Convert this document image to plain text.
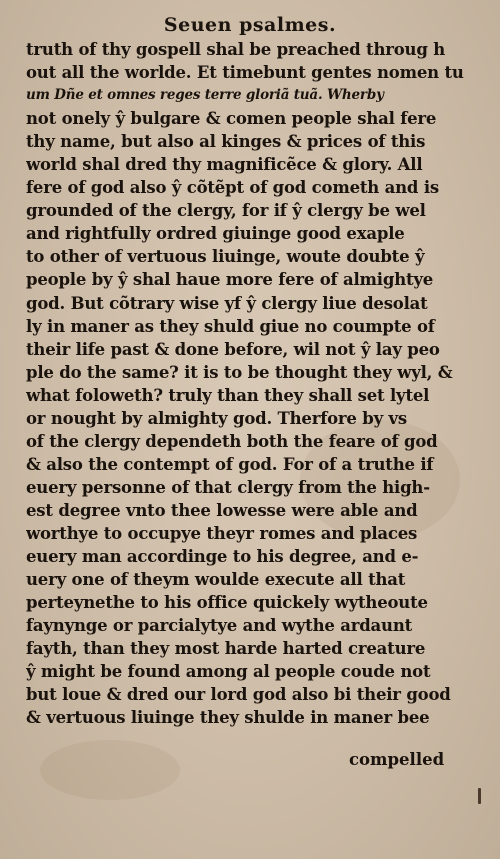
Seuen psalmes.
truth of thy gospell shal be preached throug h
out all the worlde. Et timebunt gentes nomen tu
um Dñe et omnes reges terre gloriã tuã. Wherby
not onely ŷ bulgare & comen people shal fere
thy name, but also al kinges & prices of this
world shal dred thy magnificẽce & glory. All
fere of god also ŷ cõtẽpt of god cometh and is
grounded of the clergy, for if ŷ clergy be wel
and rightfully ordred giuinge good exaple
to other of vertuous liuinge, woute doubte ŷ
people by ŷ shal haue more fere of almightye
god. But cõtrary wise yf ŷ clergy liue desolat
ly in maner as they shuld giue no coumpte of
their life past & done before, wil not ŷ lay peo
ple do the same? it is to be thought they wyl, &
what foloweth? truly than they shall set lytel
or nought by almighty god. Therfore by vs
of the clergy dependeth both the feare of god
& also the contempt of god. For of a truthe if
euery personne of that clergy from the high-
est degree vnto thee lowesse were able and
worthye to occupye theyr romes and places
euery man accordinge to his degree, and e-
uery one of theym woulde execute all that
perteynethe to his office quickely wytheoute
faynynge or parcialytye and wythe ardaunt
fayth, than they most harde harted creature
ŷ might be found among al people coude not
but loue & dred our lord god also bi their good
& vertuous liuinge they shulde in maner bee
compelled
